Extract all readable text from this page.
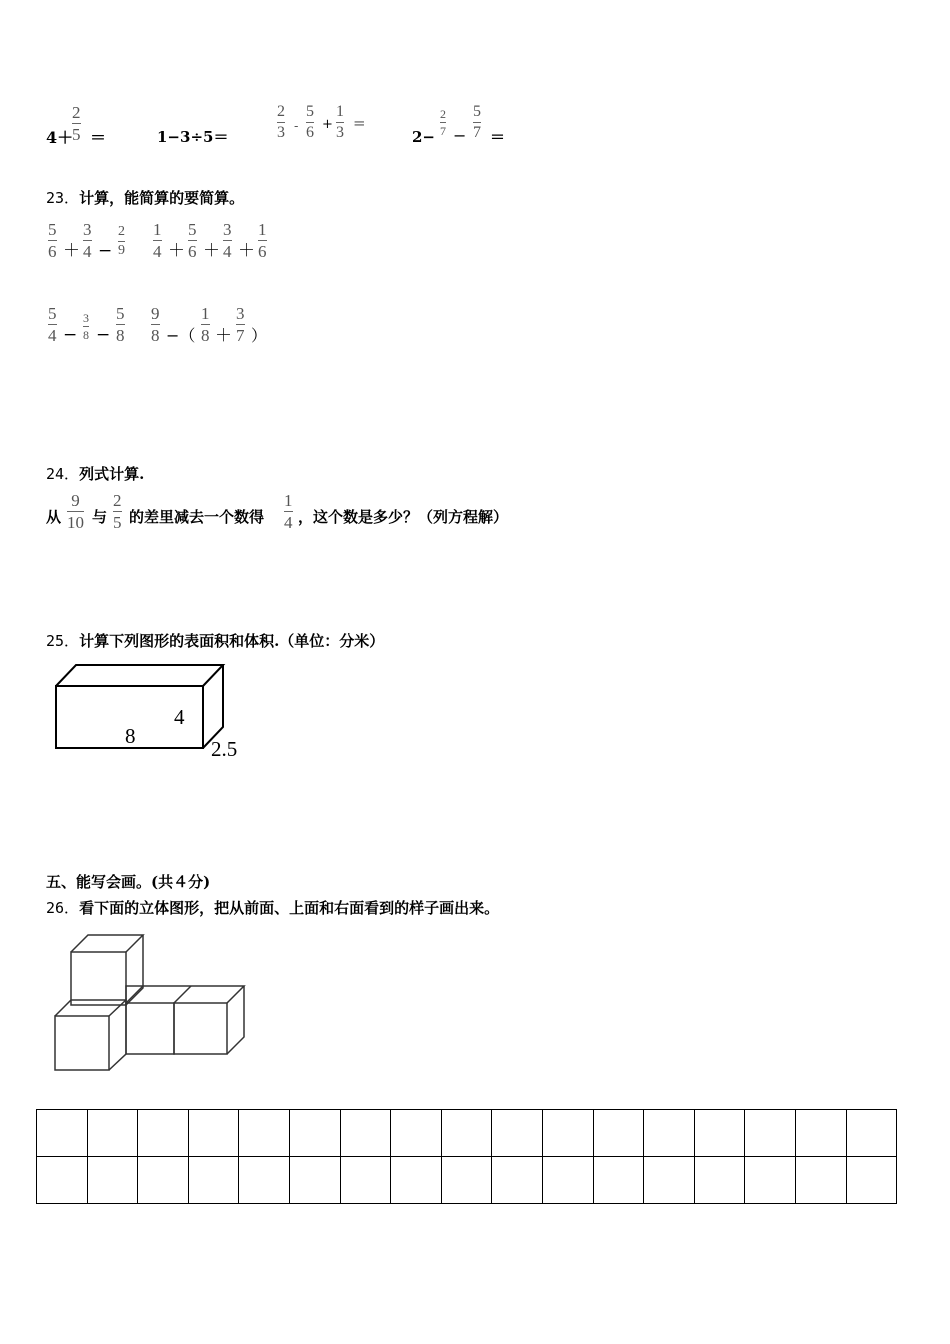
4＋
2
5 ＝	1−3÷5＝
2
3 -
5
6 +
1
3
=
2−
2
7 −
5
7 ＝
23．计算，能简算的要简算。
5
6 ＋
3
4 −
2
9
1
4 ＋
5
6 ＋
3
4 ＋
1
6
5
4 −
3
8 −
5
8
9
8 −（
1
8 ＋
3
7 ）
24．列式计算.
从
9
10 与
2
5 的差里减去一个数得
1
4 ，这个数是多少？（列方程解）
25．计算下列图形的表面积和体积.（单位：分米）
8
4
2.5
五、能写会画。(共４分)
26．看下面的立体图形，把从前面、上面和右面看到的样子画出来。
